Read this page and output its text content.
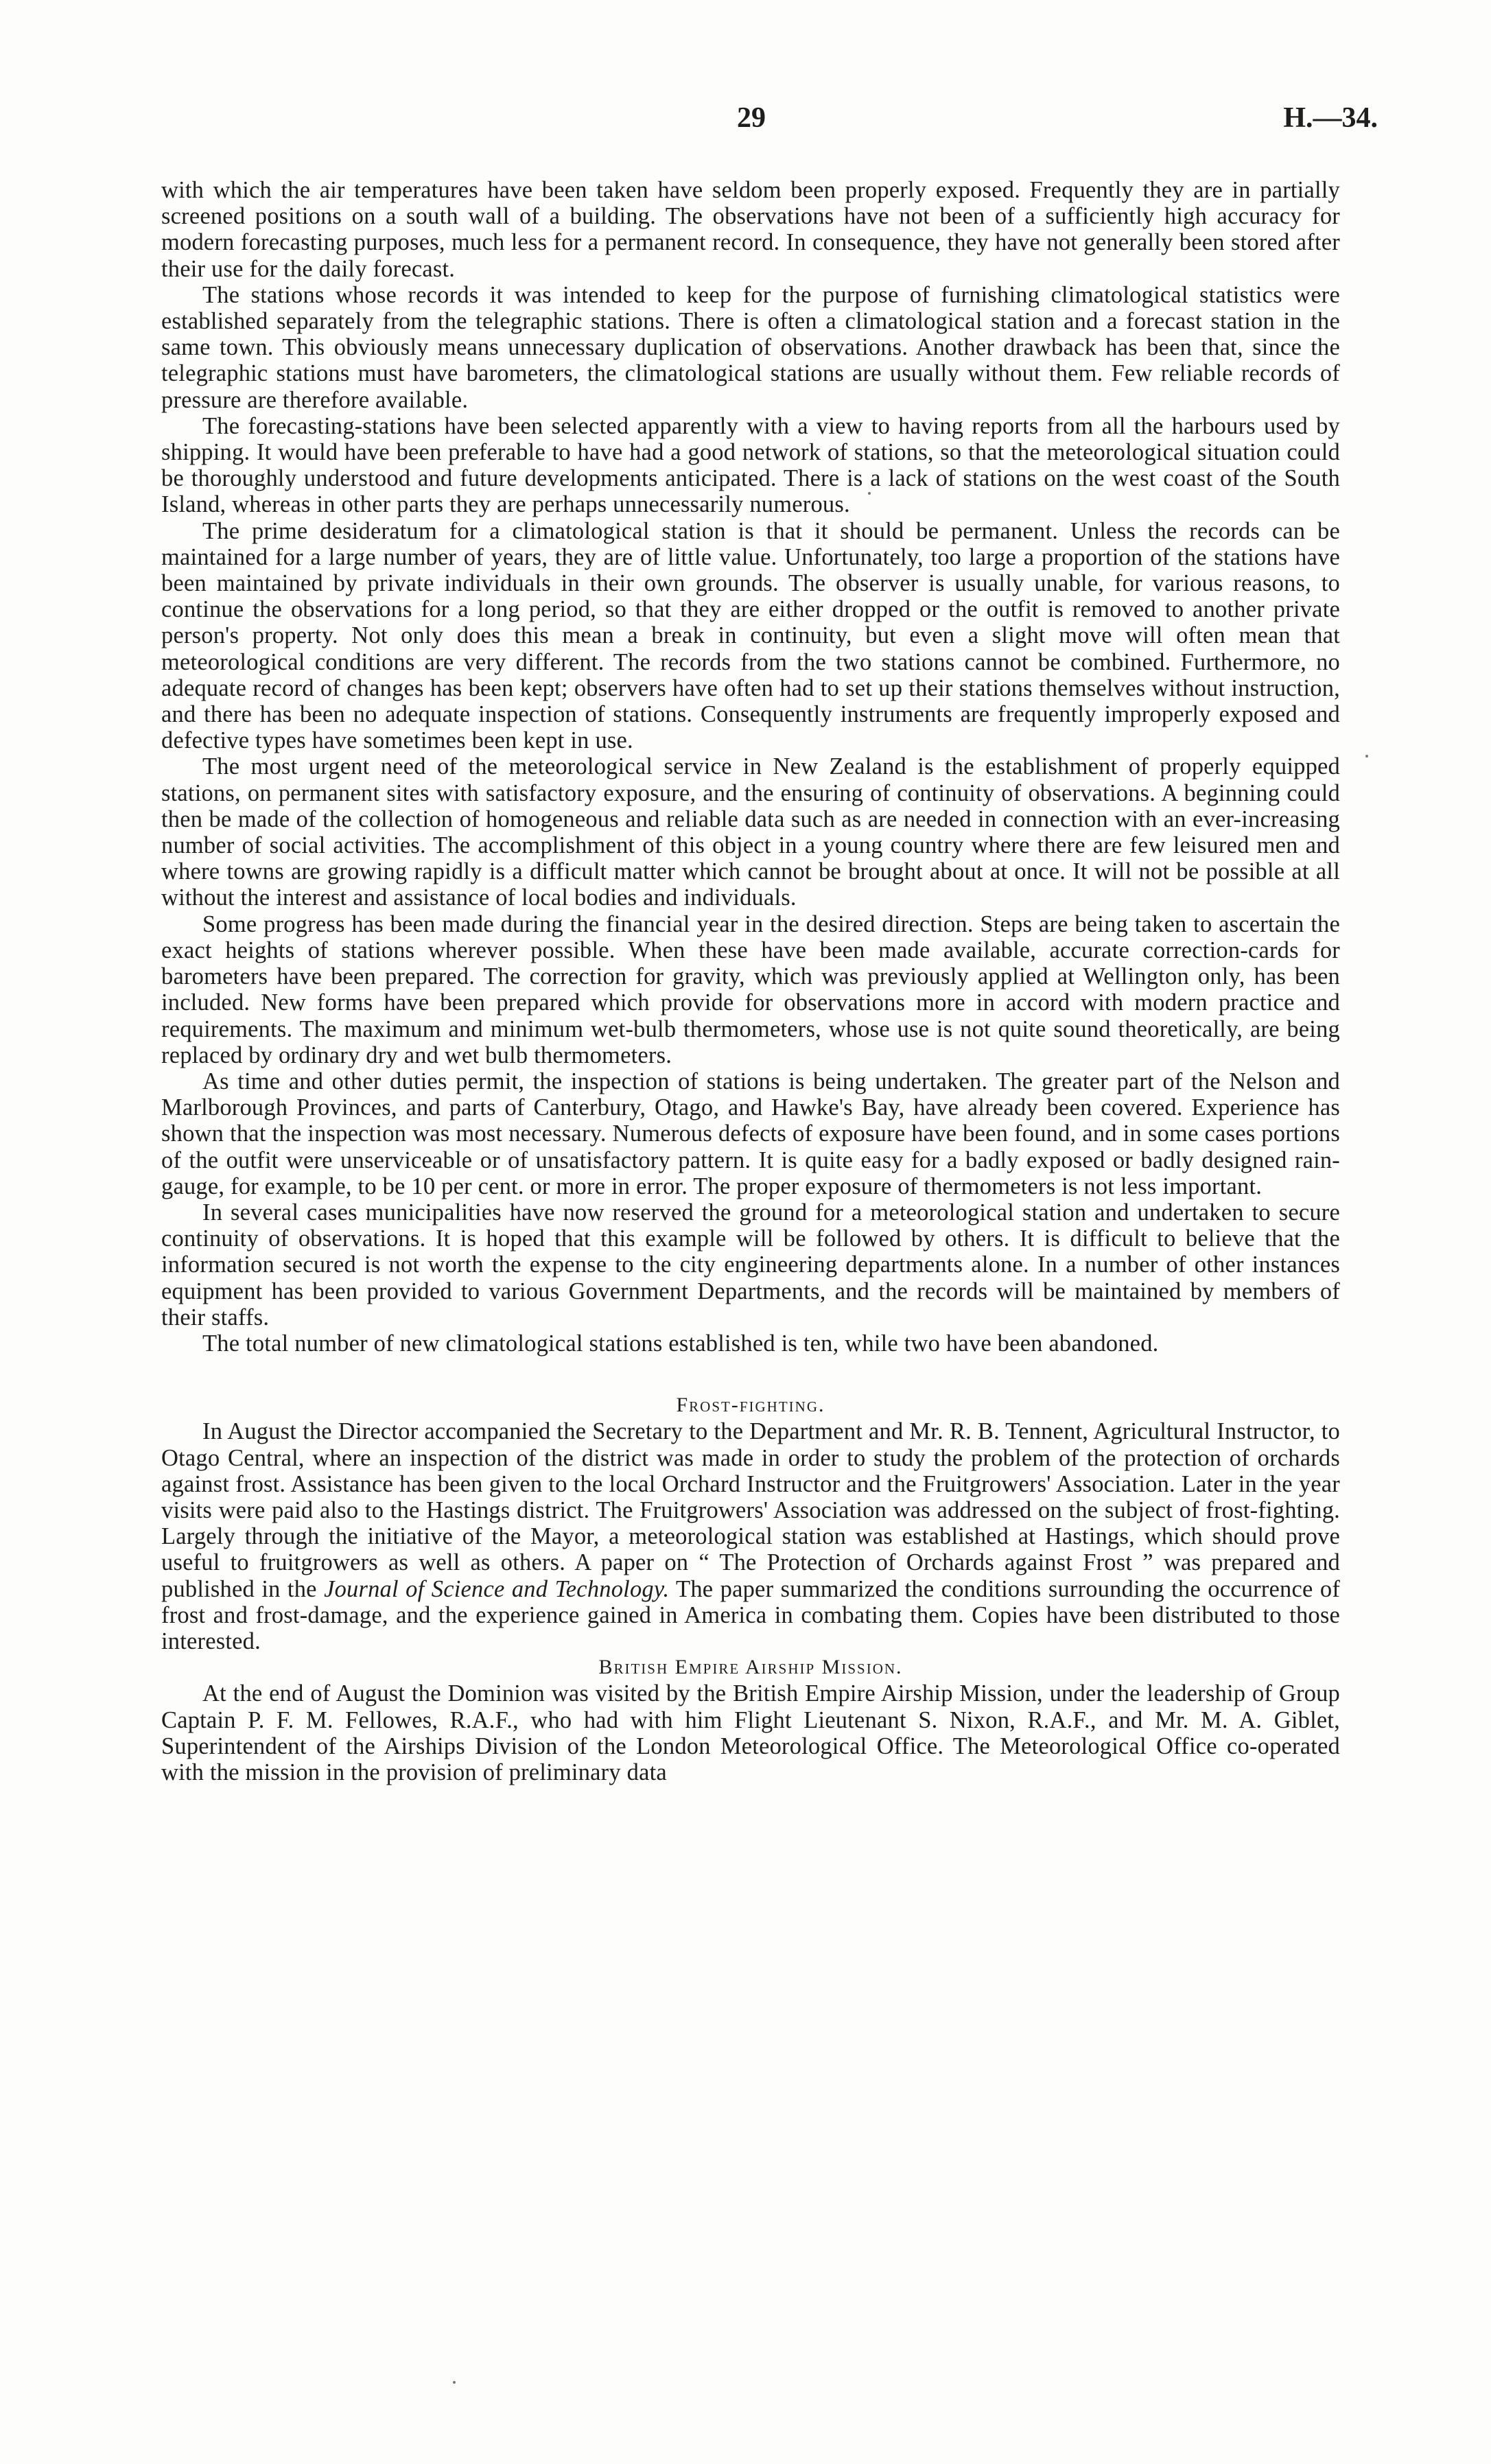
29	H.—34.

with which the air temperatures have been taken have seldom been properly exposed. Frequently they are in partially screened positions on a south wall of a building. The observations have not been of a sufficiently high accuracy for modern forecasting purposes, much less for a permanent record. In consequence, they have not generally been stored after their use for the daily forecast.

The stations whose records it was intended to keep for the purpose of furnishing climatological statistics were established separately from the telegraphic stations. There is often a climatological station and a forecast station in the same town. This obviously means unnecessary duplication of observations. Another drawback has been that, since the telegraphic stations must have barometers, the climatological stations are usually without them. Few reliable records of pressure are therefore available.

The forecasting-stations have been selected apparently with a view to having reports from all the harbours used by shipping. It would have been preferable to have had a good network of stations, so that the meteorological situation could be thoroughly understood and future developments anticipated. There is a lack of stations on the west coast of the South Island, whereas in other parts they are perhaps unnecessarily numerous.

The prime desideratum for a climatological station is that it should be permanent. Unless the records can be maintained for a large number of years, they are of little value. Unfortunately, too large a proportion of the stations have been maintained by private individuals in their own grounds. The observer is usually unable, for various reasons, to continue the observations for a long period, so that they are either dropped or the outfit is removed to another private person's property. Not only does this mean a break in continuity, but even a slight move will often mean that meteorological conditions are very different. The records from the two stations cannot be combined. Furthermore, no adequate record of changes has been kept; observers have often had to set up their stations themselves without instruction, and there has been no adequate inspection of stations. Consequently instruments are frequently improperly exposed and defective types have sometimes been kept in use.

The most urgent need of the meteorological service in New Zealand is the establishment of properly equipped stations, on permanent sites with satisfactory exposure, and the ensuring of continuity of observations. A beginning could then be made of the collection of homogeneous and reliable data such as are needed in connection with an ever-increasing number of social activities. The accomplishment of this object in a young country where there are few leisured men and where towns are growing rapidly is a difficult matter which cannot be brought about at once. It will not be possible at all without the interest and assistance of local bodies and individuals.

Some progress has been made during the financial year in the desired direction. Steps are being taken to ascertain the exact heights of stations wherever possible. When these have been made available, accurate correction-cards for barometers have been prepared. The correction for gravity, which was previously applied at Wellington only, has been included. New forms have been prepared which provide for observations more in accord with modern practice and requirements. The maximum and minimum wet-bulb thermometers, whose use is not quite sound theoretically, are being replaced by ordinary dry and wet bulb thermometers.

As time and other duties permit, the inspection of stations is being undertaken. The greater part of the Nelson and Marlborough Provinces, and parts of Canterbury, Otago, and Hawke's Bay, have already been covered. Experience has shown that the inspection was most necessary. Numerous defects of exposure have been found, and in some cases portions of the outfit were unserviceable or of unsatisfactory pattern. It is quite easy for a badly exposed or badly designed rain-gauge, for example, to be 10 per cent. or more in error. The proper exposure of thermometers is not less important.

In several cases municipalities have now reserved the ground for a meteorological station and undertaken to secure continuity of observations. It is hoped that this example will be followed by others. It is difficult to believe that the information secured is not worth the expense to the city engineering departments alone. In a number of other instances equipment has been provided to various Government Departments, and the records will be maintained by members of their staffs.

The total number of new climatological stations established is ten, while two have been abandoned.

Frost-fighting.

In August the Director accompanied the Secretary to the Department and Mr. R. B. Tennent, Agricultural Instructor, to Otago Central, where an inspection of the district was made in order to study the problem of the protection of orchards against frost. Assistance has been given to the local Orchard Instructor and the Fruitgrowers' Association. Later in the year visits were paid also to the Hastings district. The Fruitgrowers' Association was addressed on the subject of frost-fighting. Largely through the initiative of the Mayor, a meteorological station was established at Hastings, which should prove useful to fruitgrowers as well as others. A paper on “ The Protection of Orchards against Frost ” was prepared and published in the Journal of Science and Technology. The paper summarized the conditions surrounding the occurrence of frost and frost-damage, and the experience gained in America in combating them. Copies have been distributed to those interested.

British Empire Airship Mission.

At the end of August the Dominion was visited by the British Empire Airship Mission, under the leadership of Group Captain P. F. M. Fellowes, R.A.F., who had with him Flight Lieutenant S. Nixon, R.A.F., and Mr. M. A. Giblet, Superintendent of the Airships Division of the London Meteorological Office. The Meteorological Office co-operated with the mission in the provision of preliminary data
